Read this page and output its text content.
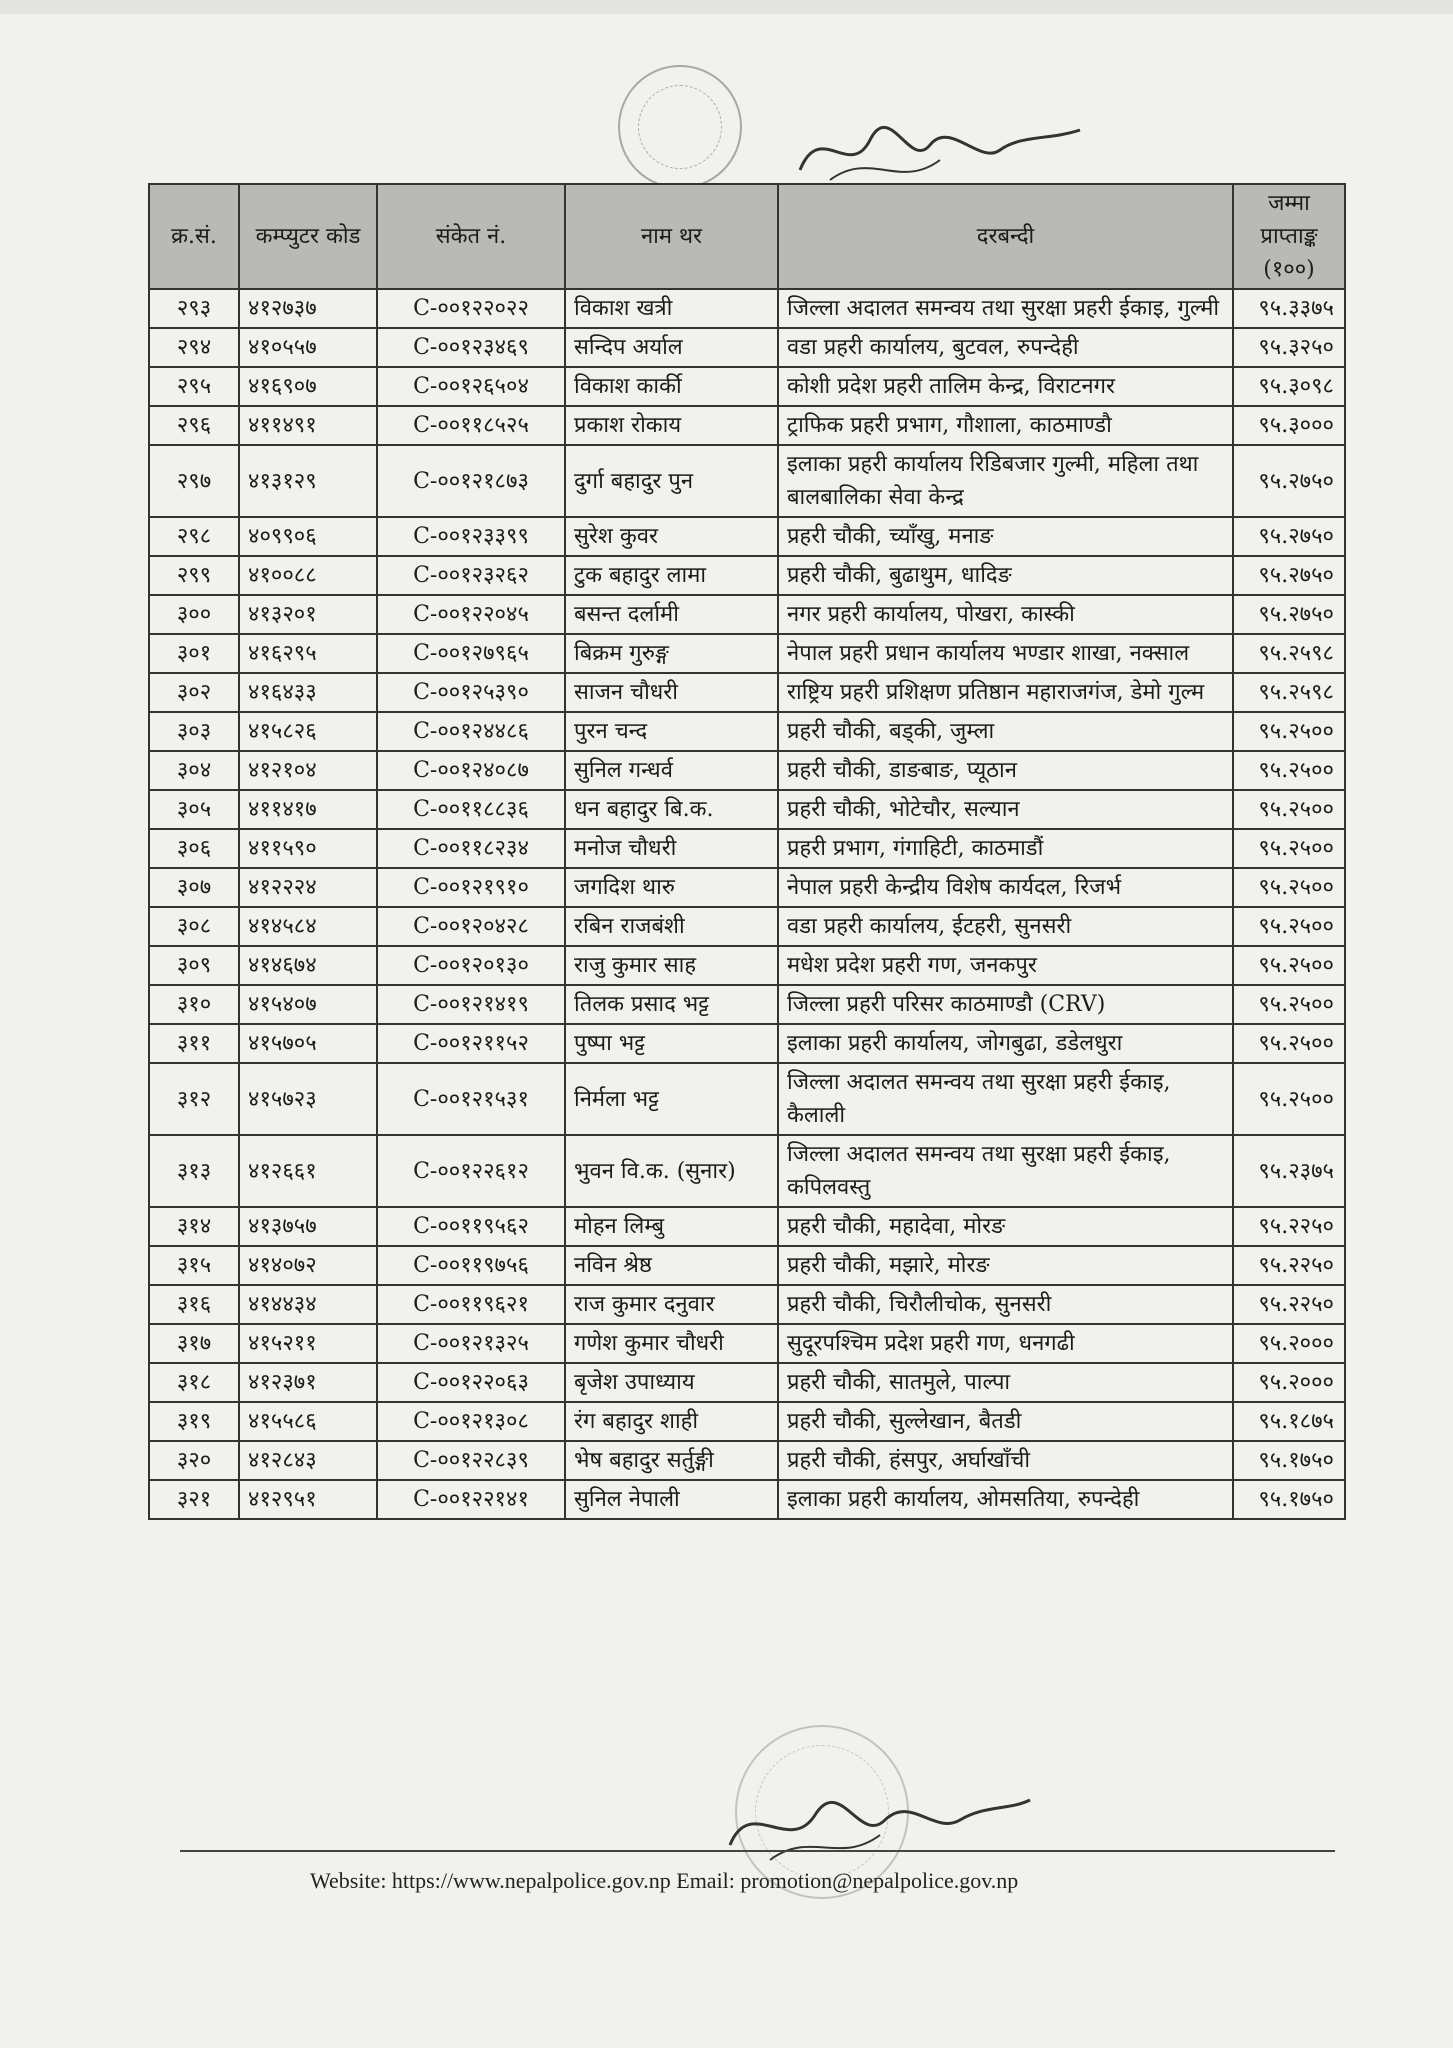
क्र.सं.	कम्प्युटर कोड	संकेत नं.	नाम थर	दरबन्दी	जम्मा प्राप्ताङ्क (१००)
२९३	४१२७३७	C-००१२२०२२	विकाश खत्री	जिल्ला अदालत समन्वय तथा सुरक्षा प्रहरी ईकाइ, गुल्मी	९५.३३७५
२९४	४१०५५७	C-००१२३४६९	सन्दिप अर्याल	वडा प्रहरी कार्यालय, बुटवल, रुपन्देही	९५.३२५०
२९५	४१६९०७	C-००१२६५०४	विकाश कार्की	कोशी प्रदेश प्रहरी तालिम केन्द्र, विराटनगर	९५.३०९८
२९६	४११४९१	C-००११८५२५	प्रकाश रोकाय	ट्राफिक प्रहरी प्रभाग, गौशाला, काठमाण्डौ	९५.३०००
२९७	४१३१२९	C-००१२१८७३	दुर्गा बहादुर पुन	इलाका प्रहरी कार्यालय रिडिबजार गुल्मी, महिला तथा बालबालिका सेवा केन्द्र	९५.२७५०
२९८	४०९९०६	C-००१२३३९९	सुरेश कुवर	प्रहरी चौकी, च्याँखु, मनाङ	९५.२७५०
२९९	४१००८८	C-००१२३२६२	टुक बहादुर लामा	प्रहरी चौकी, बुढाथुम, धादिङ	९५.२७५०
३००	४१३२०१	C-००१२२०४५	बसन्त दर्लामी	नगर प्रहरी कार्यालय, पोखरा, कास्की	९५.२७५०
३०१	४१६२९५	C-००१२७९६५	बिक्रम गुरुङ्ग	नेपाल प्रहरी प्रधान कार्यालय भण्डार शाखा, नक्साल	९५.२५९८
३०२	४१६४३३	C-००१२५३९०	साजन चौधरी	राष्ट्रिय प्रहरी प्रशिक्षण प्रतिष्ठान महाराजगंज, डेमो गुल्म	९५.२५९८
३०३	४१५८२६	C-००१२४४८६	पुरन चन्द	प्रहरी चौकी, बड्की, जुम्ला	९५.२५००
३०४	४१२१०४	C-००१२४०८७	सुनिल गन्धर्व	प्रहरी चौकी, डाङबाङ, प्यूठान	९५.२५००
३०५	४११४१७	C-००११८८३६	धन बहादुर बि.क.	प्रहरी चौकी, भोटेचौर, सल्यान	९५.२५००
३०६	४११५९०	C-००११८२३४	मनोज चौधरी	प्रहरी प्रभाग, गंगाहिटी, काठमाडौं	९५.२५००
३०७	४१२२२४	C-००१२१९१०	जगदिश थारु	नेपाल प्रहरी केन्द्रीय विशेष कार्यदल, रिजर्भ	९५.२५००
३०८	४१४५८४	C-००१२०४२८	रबिन राजबंशी	वडा प्रहरी कार्यालय, ईटहरी, सुनसरी	९५.२५००
३०९	४१४६७४	C-००१२०१३०	राजु कुमार साह	मधेश प्रदेश प्रहरी गण, जनकपुर	९५.२५००
३१०	४१५४०७	C-००१२१४१९	तिलक प्रसाद भट्ट	जिल्ला प्रहरी परिसर काठमाण्डौ (CRV)	९५.२५००
३११	४१५७०५	C-००१२११५२	पुष्पा भट्ट	इलाका प्रहरी कार्यालय, जोगबुढा, डडेलधुरा	९५.२५००
३१२	४१५७२३	C-००१२१५३१	निर्मला भट्ट	जिल्ला अदालत समन्वय तथा सुरक्षा प्रहरी ईकाइ, कैलाली	९५.२५००
३१३	४१२६६१	C-००१२२६१२	भुवन वि.क. (सुनार)	जिल्ला अदालत समन्वय तथा सुरक्षा प्रहरी ईकाइ, कपिलवस्तु	९५.२३७५
३१४	४१३७५७	C-००११९५६२	मोहन लिम्बु	प्रहरी चौकी, महादेवा, मोरङ	९५.२२५०
३१५	४१४०७२	C-००११९७५६	नविन श्रेष्ठ	प्रहरी चौकी, मझारे, मोरङ	९५.२२५०
३१६	४१४४३४	C-००११९६२१	राज कुमार दनुवार	प्रहरी चौकी, चिरौलीचोक, सुनसरी	९५.२२५०
३१७	४१५२११	C-००१२१३२५	गणेश कुमार चौधरी	सुदूरपश्चिम प्रदेश प्रहरी गण, धनगढी	९५.२०००
३१८	४१२३७१	C-००१२२०६३	बृजेश उपाध्याय	प्रहरी चौकी, सातमुले, पाल्पा	९५.२०००
३१९	४१५५८६	C-००१२१३०८	रंग बहादुर शाही	प्रहरी चौकी, सुल्लेखान, बैतडी	९५.१८७५
३२०	४१२८४३	C-००१२२८३९	भेष बहादुर सर्तुङ्गी	प्रहरी चौकी, हंसपुर, अर्घाखाँची	९५.१७५०
३२१	४१२९५१	C-००१२२१४१	सुनिल नेपाली	इलाका प्रहरी कार्यालय, ओमसतिया, रुपन्देही	९५.१७५०
Website: https://www.nepalpolice.gov.np Email: promotion@nepalpolice.gov.np
